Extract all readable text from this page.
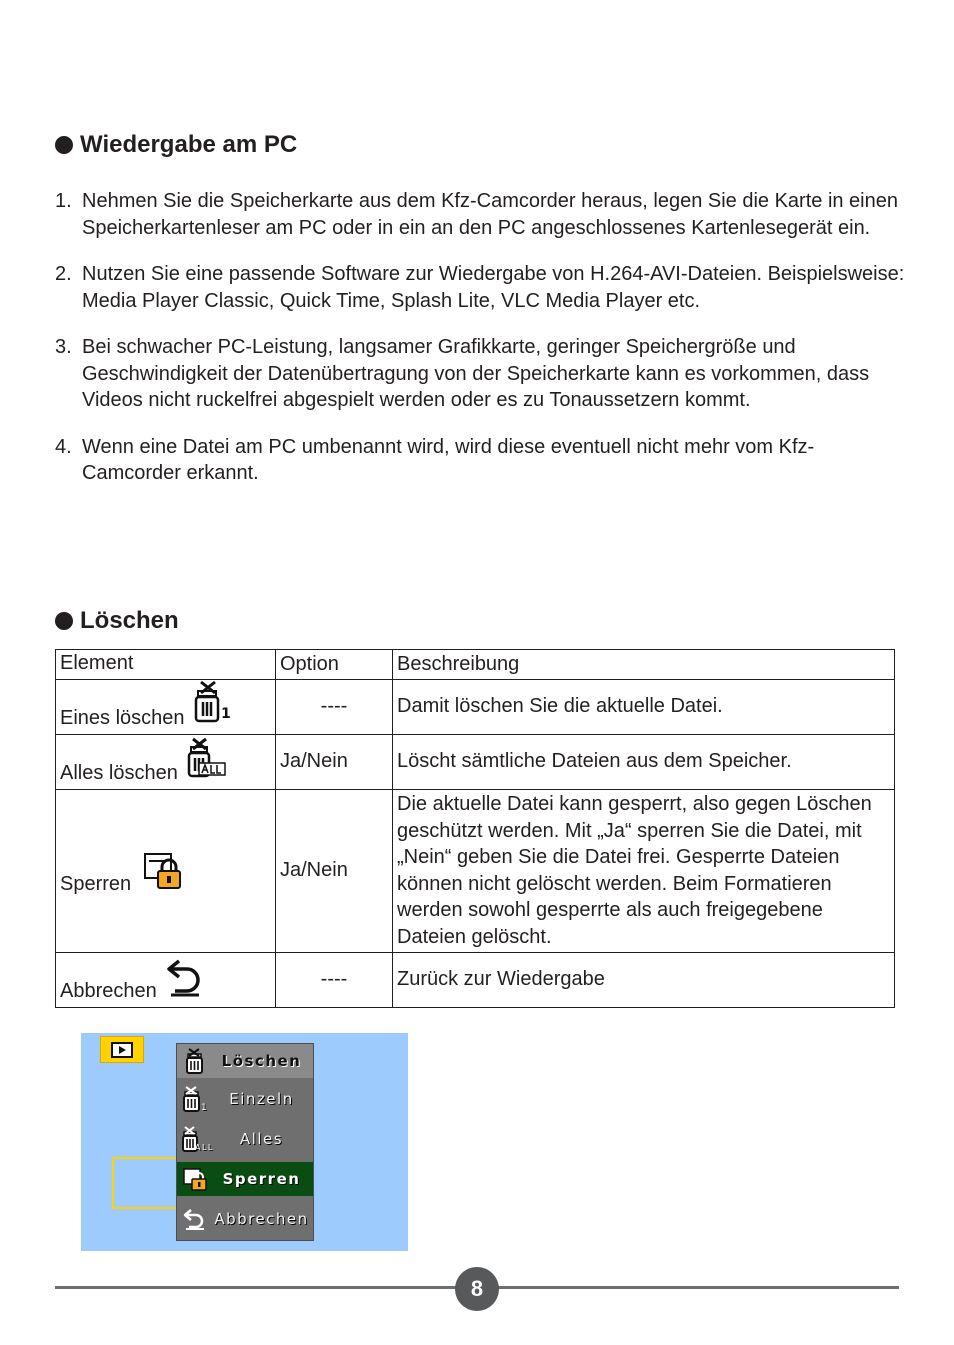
Wiedergabe am PC
1. Nehmen Sie die Speicherkarte aus dem Kfz-Camcorder heraus, legen Sie die Karte in einen Speicherkartenleser am PC oder in ein an den PC angeschlossenes Kartenlesegerät ein.
2. Nutzen Sie eine passende Software zur Wiedergabe von H.264-AVI-Dateien. Beispielsweise: Media Player Classic, Quick Time, Splash Lite, VLC Media Player etc.
3. Bei schwacher PC-Leistung, langsamer Grafikkarte, geringer Speichergröße und Geschwindigkeit der Datenübertragung von der Speicherkarte kann es vorkommen, dass Videos nicht ruckelfrei abgespielt werden oder es zu Tonaussetzern kommt.
4. Wenn eine Datei am PC umbenannt wird, wird diese eventuell nicht mehr vom Kfz-Camcorder erkannt.
Löschen
Element	Option	Beschreibung

Eines löschen 1	----	Damit löschen Sie die aktuelle Datei.

Alles löschen	Ja/Nein	Löscht sämtliche Dateien aus dem Speicher.

Sperren	Ja/Nein	Die aktuelle Datei kann gesperrt, also gegen Löschen geschützt werden. Mit „Ja“ sperren Sie die Datei, mit „Nein“ geben Sie die Datei frei. Gesperrte Dateien können nicht gelöscht werden. Beim Formatieren werden sowohl gesperrte als auch freigegebene Dateien gelöscht.

Abbrechen	----	Zurück zur Wiedergabe
Löschen
1	Einzeln
ALL	Alles
Sperren
Abbrechen
8
